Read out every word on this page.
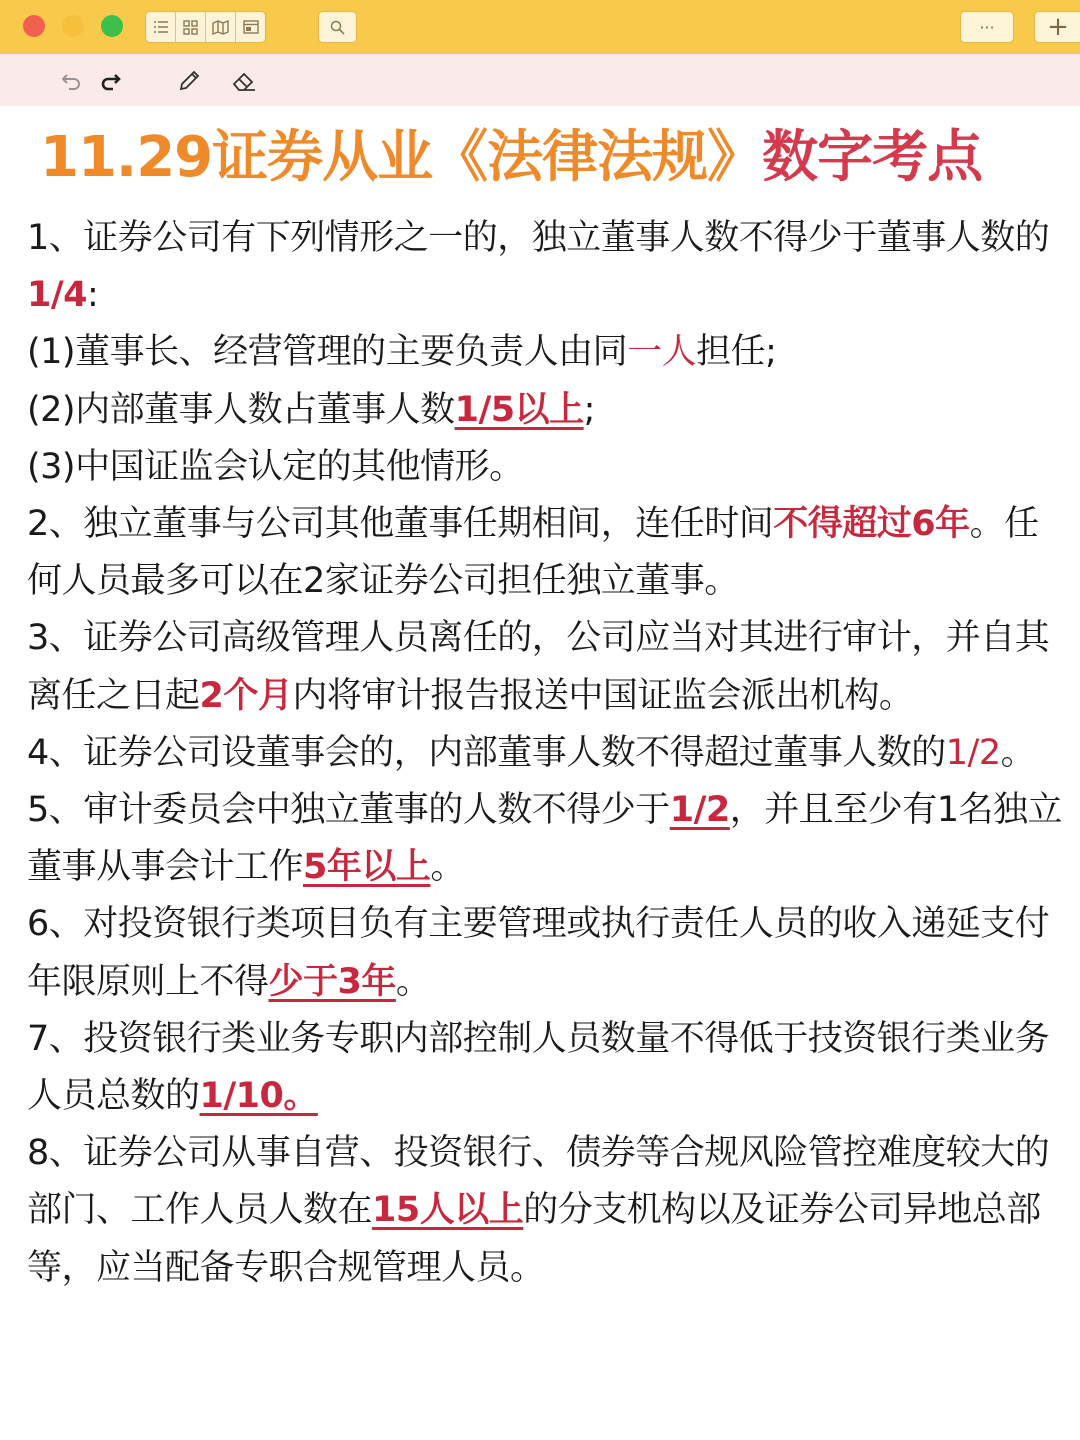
···	+
11.29证券从业《法律法规》数字考点

1、证券公司有下列情形之一的，独立董事人数不得少于董事人数的1/4:

(1)董事长、经营管理的主要负责人由同一人担任;

(2)内部董事人数占董事人数1/5以上;

(3)中国证监会认定的其他情形。

2、独立董事与公司其他董事任期相间，连任时间不得超过6年。任何人员最多可以在2家证券公司担任独立董事。

3、证券公司高级管理人员离任的，公司应当对其进行审计，并自其离任之日起2个月内将审计报告报送中国证监会派出机构。

4、证券公司设董事会的，内部董事人数不得超过董事人数的1/2。

5、审计委员会中独立董事的人数不得少于1/2，并且至少有1名独立董事从事会计工作5年以上。

6、对投资银行类项目负有主要管理或执行责任人员的收入递延支付年限原则上不得少于3年。

7、投资银行类业务专职内部控制人员数量不得低于技资银行类业务人员总数的1/10。

8、证券公司从事自营、投资银行、债券等合规风险管控难度较大的部门、工作人员人数在15人以上的分支机构以及证券公司异地总部等，应当配备专职合规管理人员。
